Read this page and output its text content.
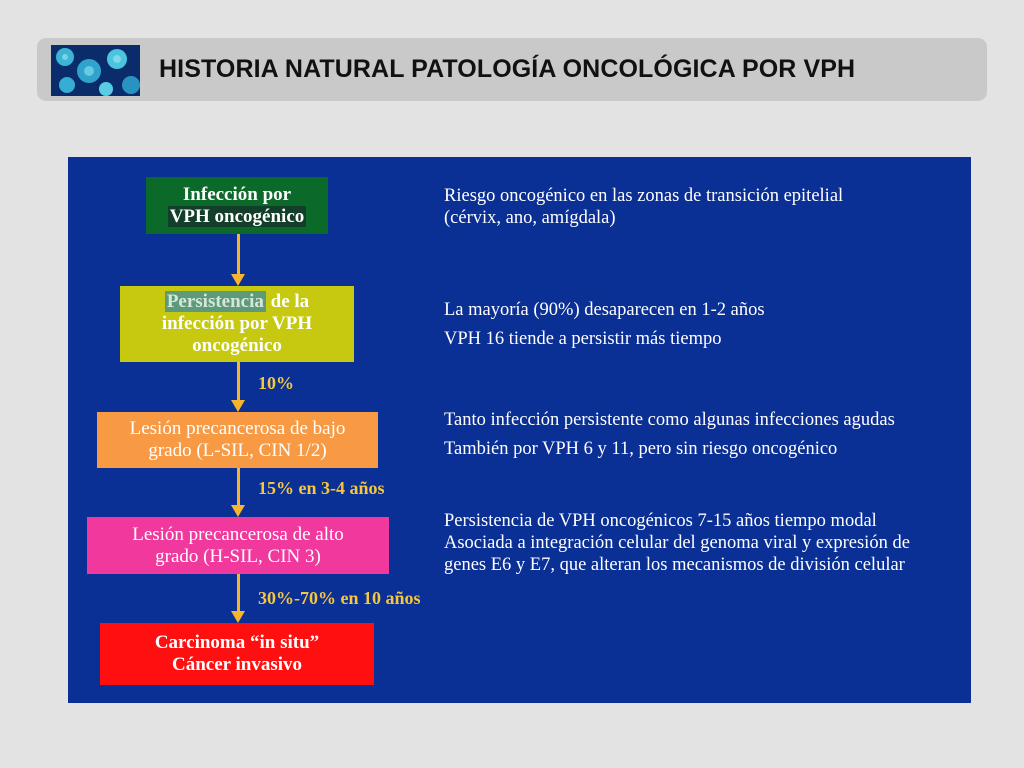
HISTORIA NATURAL PATOLOGÍA ONCOLÓGICA POR VPH
Infección por
VPH oncogénico
Persistencia de la
infección por VPH
oncogénico
Lesión precancerosa de bajo
grado (L-SIL, CIN 1/2)
Lesión precancerosa de alto
grado (H-SIL, CIN 3)
Carcinoma “in situ”
Cáncer invasivo
10%
15% en 3-4 años
30%-70% en 10 años
Riesgo oncogénico en las zonas de transición epitelial
(cérvix, ano, amígdala)
La mayoría (90%) desaparecen en 1-2 años
VPH 16 tiende a persistir más tiempo
Tanto infección persistente como algunas infecciones agudas
También por VPH 6 y 11, pero sin riesgo oncogénico
Persistencia de VPH oncogénicos 7-15 años tiempo modal
Asociada a integración celular del genoma viral y expresión de
genes E6 y E7, que alteran los mecanismos de división celular
